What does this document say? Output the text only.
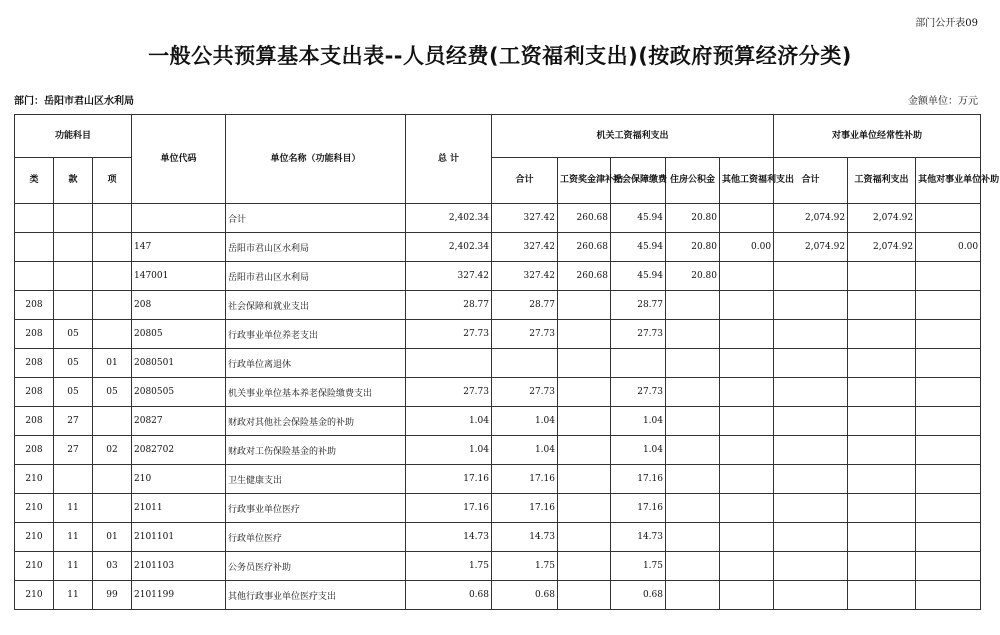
部门公开表09
一般公共预算基本支出表--人员经费(工资福利支出)(按政府预算经济分类)
部门：岳阳市君山区水利局	金额单位：万元
功能科目			单位代码	单位名称（功能科目）	总 计	机关工资福利支出					对事业单位经常性补助		
类	款	项				合计	工资奖金津补贴	社会保障缴费	住房公积金	其他工资福利支出	合计	工资福利支出	其他对事业单位补助
				合计	2,402.34	327.42	260.68	45.94	20.80		2,074.92	2,074.92	
			147	岳阳市君山区水利局	2,402.34	327.42	260.68	45.94	20.80	0.00	2,074.92	2,074.92	0.00
			147001	岳阳市君山区水利局	327.42	327.42	260.68	45.94	20.80				
208			208	社会保障和就业支出	28.77	28.77		28.77					
208	05		20805	行政事业单位养老支出	27.73	27.73		27.73					
208	05	01	2080501	行政单位离退休									
208	05	05	2080505	机关事业单位基本养老保险缴费支出	27.73	27.73		27.73					
208	27		20827	财政对其他社会保险基金的补助	1.04	1.04		1.04					
208	27	02	2082702	财政对工伤保险基金的补助	1.04	1.04		1.04					
210			210	卫生健康支出	17.16	17.16		17.16					
210	11		21011	行政事业单位医疗	17.16	17.16		17.16					
210	11	01	2101101	行政单位医疗	14.73	14.73		14.73					
210	11	03	2101103	公务员医疗补助	1.75	1.75		1.75					
210	11	99	2101199	其他行政事业单位医疗支出	0.68	0.68		0.68					
